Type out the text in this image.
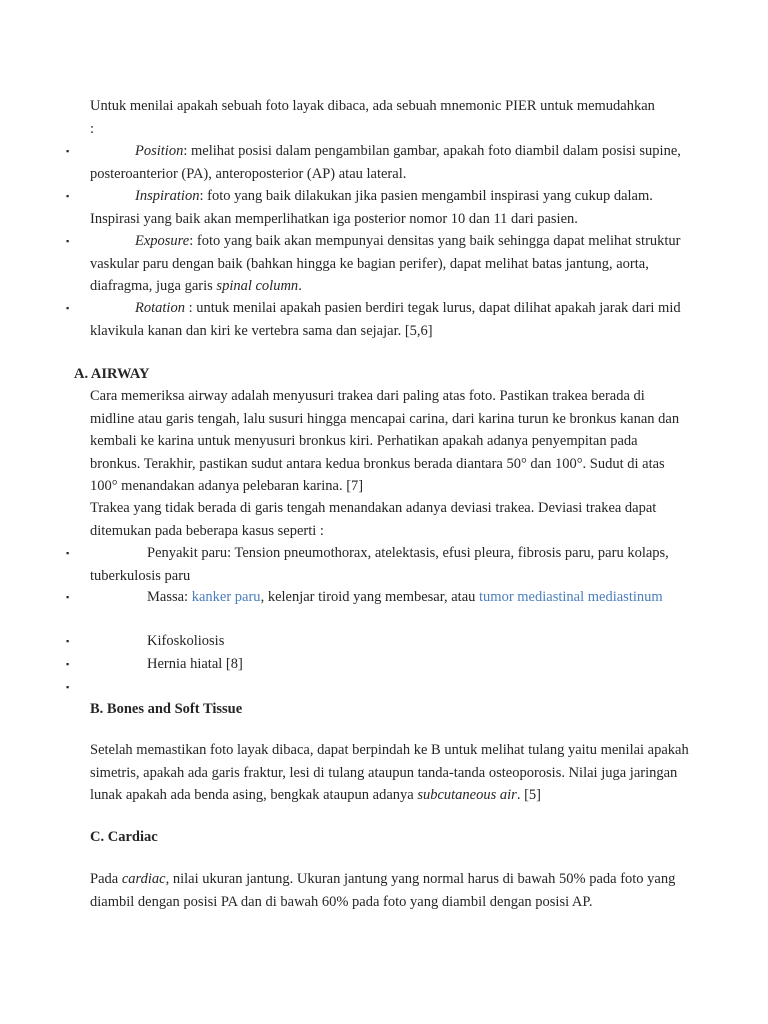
Untuk menilai apakah sebuah foto layak dibaca, ada sebuah mnemonic PIER untuk memudahkan
:
▪	Position: melihat posisi dalam pengambilan gambar, apakah foto diambil dalam posisi supine, posteroanterior (PA), anteroposterior (AP) atau lateral.
▪	Inspiration: foto yang baik dilakukan jika pasien mengambil inspirasi yang cukup dalam. Inspirasi yang baik akan memperlihatkan iga posterior nomor 10 dan 11 dari pasien.
▪	Exposure: foto yang baik akan mempunyai densitas yang baik sehingga dapat melihat struktur vaskular paru dengan baik (bahkan hingga ke bagian perifer), dapat melihat batas jantung, aorta, diafragma, juga garis spinal column.
▪	Rotation : untuk menilai apakah pasien berdiri tegak lurus, dapat dilihat apakah jarak dari mid klavikula kanan dan kiri ke vertebra sama dan sejajar. [5,6]
A. AIRWAY
Cara memeriksa airway adalah menyusuri trakea dari paling atas foto. Pastikan trakea berada di midline atau garis tengah, lalu susuri hingga mencapai carina, dari karina turun ke bronkus kanan dan kembali ke karina untuk menyusuri bronkus kiri. Perhatikan apakah adanya penyempitan pada bronkus. Terakhir, pastikan sudut antara kedua bronkus berada diantara 50° dan 100°. Sudut di atas 100° menandakan adanya pelebaran karina. [7]
Trakea yang tidak berada di garis tengah menandakan adanya deviasi trakea. Deviasi trakea dapat ditemukan pada beberapa kasus seperti :
▪	Penyakit paru: Tension pneumothorax, atelektasis, efusi pleura, fibrosis paru, paru kolaps, tuberkulosis paru
▪	Massa: kanker paru, kelenjar tiroid yang membesar, atau tumor mediastinal mediastinum
▪	Kifoskoliosis
▪	Hernia hiatal [8]
▪
B. Bones and Soft Tissue
Setelah memastikan foto layak dibaca, dapat berpindah ke B untuk melihat tulang yaitu menilai apakah simetris, apakah ada garis fraktur, lesi di tulang ataupun tanda-tanda osteoporosis. Nilai juga jaringan lunak apakah ada benda asing, bengkak ataupun adanya subcutaneous air. [5]
C. Cardiac
Pada cardiac, nilai ukuran jantung. Ukuran jantung yang normal harus di bawah 50% pada foto yang diambil dengan posisi PA dan di bawah 60% pada foto yang diambil dengan posisi AP.
